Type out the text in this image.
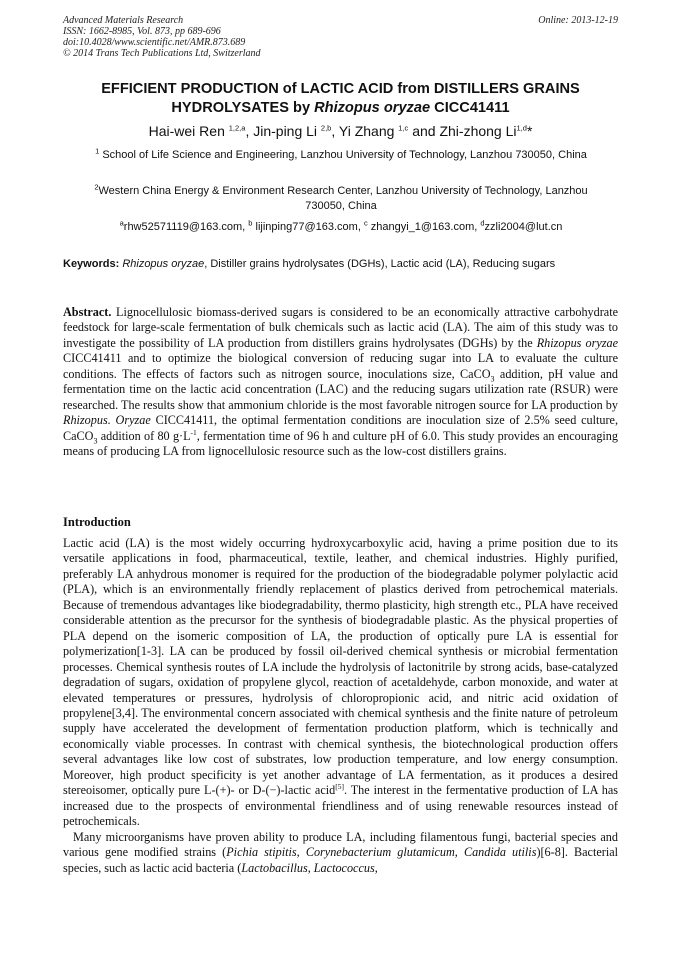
Advanced Materials Research
ISSN: 1662-8985, Vol. 873, pp 689-696
doi:10.4028/www.scientific.net/AMR.873.689
© 2014 Trans Tech Publications Ltd, Switzerland
Online: 2013-12-19
EFFICIENT PRODUCTION of LACTIC ACID from DISTILLERS GRAINS
HYDROLYSATES by Rhizopus oryzae CICC41411
Hai-wei Ren $^{1,2,a}$, Jin-ping Li $^{2,b}$, Yi Zhang $^{1,c}$ and Zhi-zhong Li$^{1,d}$*
$^1$ School of Life Science and Engineering, Lanzhou University of Technology, Lanzhou 730050, China
$^2$Western China Energy & Environment Research Center, Lanzhou University of Technology, Lanzhou 730050, China
$^a$rhw52571119@163.com, $^b$ lijinping77@163.com, $^c$ zhangyi_1@163.com, $^d$zzli2004@lut.cn
Keywords: Rhizopus oryzae, Distiller grains hydrolysates (DGHs), Lactic acid (LA), Reducing sugars
Abstract. Lignocellulosic biomass-derived sugars is considered to be an economically attractive carbohydrate feedstock for large-scale fermentation of bulk chemicals such as lactic acid (LA). The aim of this study was to investigate the possibility of LA production from distillers grains hydrolysates (DGHs) by the Rhizopus oryzae CICC41411 and to optimize the biological conversion of reducing sugar into LA to evaluate the culture conditions. The effects of factors such as nitrogen source, inoculations size, CaCO$_3$ addition, pH value and fermentation time on the lactic acid concentration (LAC) and the reducing sugars utilization rate (RSUR) were researched. The results show that ammonium chloride is the most favorable nitrogen source for LA production by Rhizopus. Oryzae CICC41411, the optimal fermentation conditions are inoculation size of 2.5% seed culture, CaCO$_3$ addition of 80 $g\cdot L^{-1}$, fermentation time of 96 h and culture pH of 6.0. This study provides an encouraging means of producing LA from lignocellulosic resource such as the low-cost distillers grains.
Introduction
Lactic acid (LA) is the most widely occurring hydroxycarboxylic acid, having a prime position due to its versatile applications in food, pharmaceutical, textile, leather, and chemical industries. Highly purified, preferably LA anhydrous monomer is required for the production of the biodegradable polymer polylactic acid (PLA), which is an environmentally friendly replacement of plastics derived from petrochemical materials. Because of tremendous advantages like biodegradability, thermo plasticity, high strength etc., PLA have received considerable attention as the precursor for the synthesis of biodegradable plastic. As the physical properties of PLA depend on the isomeric composition of LA, the production of optically pure LA is essential for polymerization[1-3]. LA can be produced by fossil oil-derived chemical synthesis or microbial fermentation processes. Chemical synthesis routes of LA include the hydrolysis of lactonitrile by strong acids, base-catalyzed degradation of sugars, oxidation of propylene glycol, reaction of acetaldehyde, carbon monoxide, and water at elevated temperatures or pressures, hydrolysis of chloropropionic acid, and nitric acid oxidation of propylene[3,4]. The environmental concern associated with chemical synthesis and the finite nature of petroleum supply have accelerated the development of fermentation production platform, which is technically and economically viable processes. In contrast with chemical synthesis, the biotechnological production offers several advantages like low cost of substrates, low production temperature, and low energy consumption. Moreover, high product specificity is yet another advantage of LA fermentation, as it produces a desired stereoisomer, optically pure L-(+)- or D-(−)-lactic acid[5]. The interest in the fermentative production of LA has increased due to the prospects of environmental friendliness and of using renewable resources instead of petrochemicals.
Many microorganisms have proven ability to produce LA, including filamentous fungi, bacterial species and various gene modified strains (Pichia stipitis, Corynebacterium glutamicum, Candida utilis)[6-8]. Bacterial species, such as lactic acid bacteria (Lactobacillus, Lactococcus,
